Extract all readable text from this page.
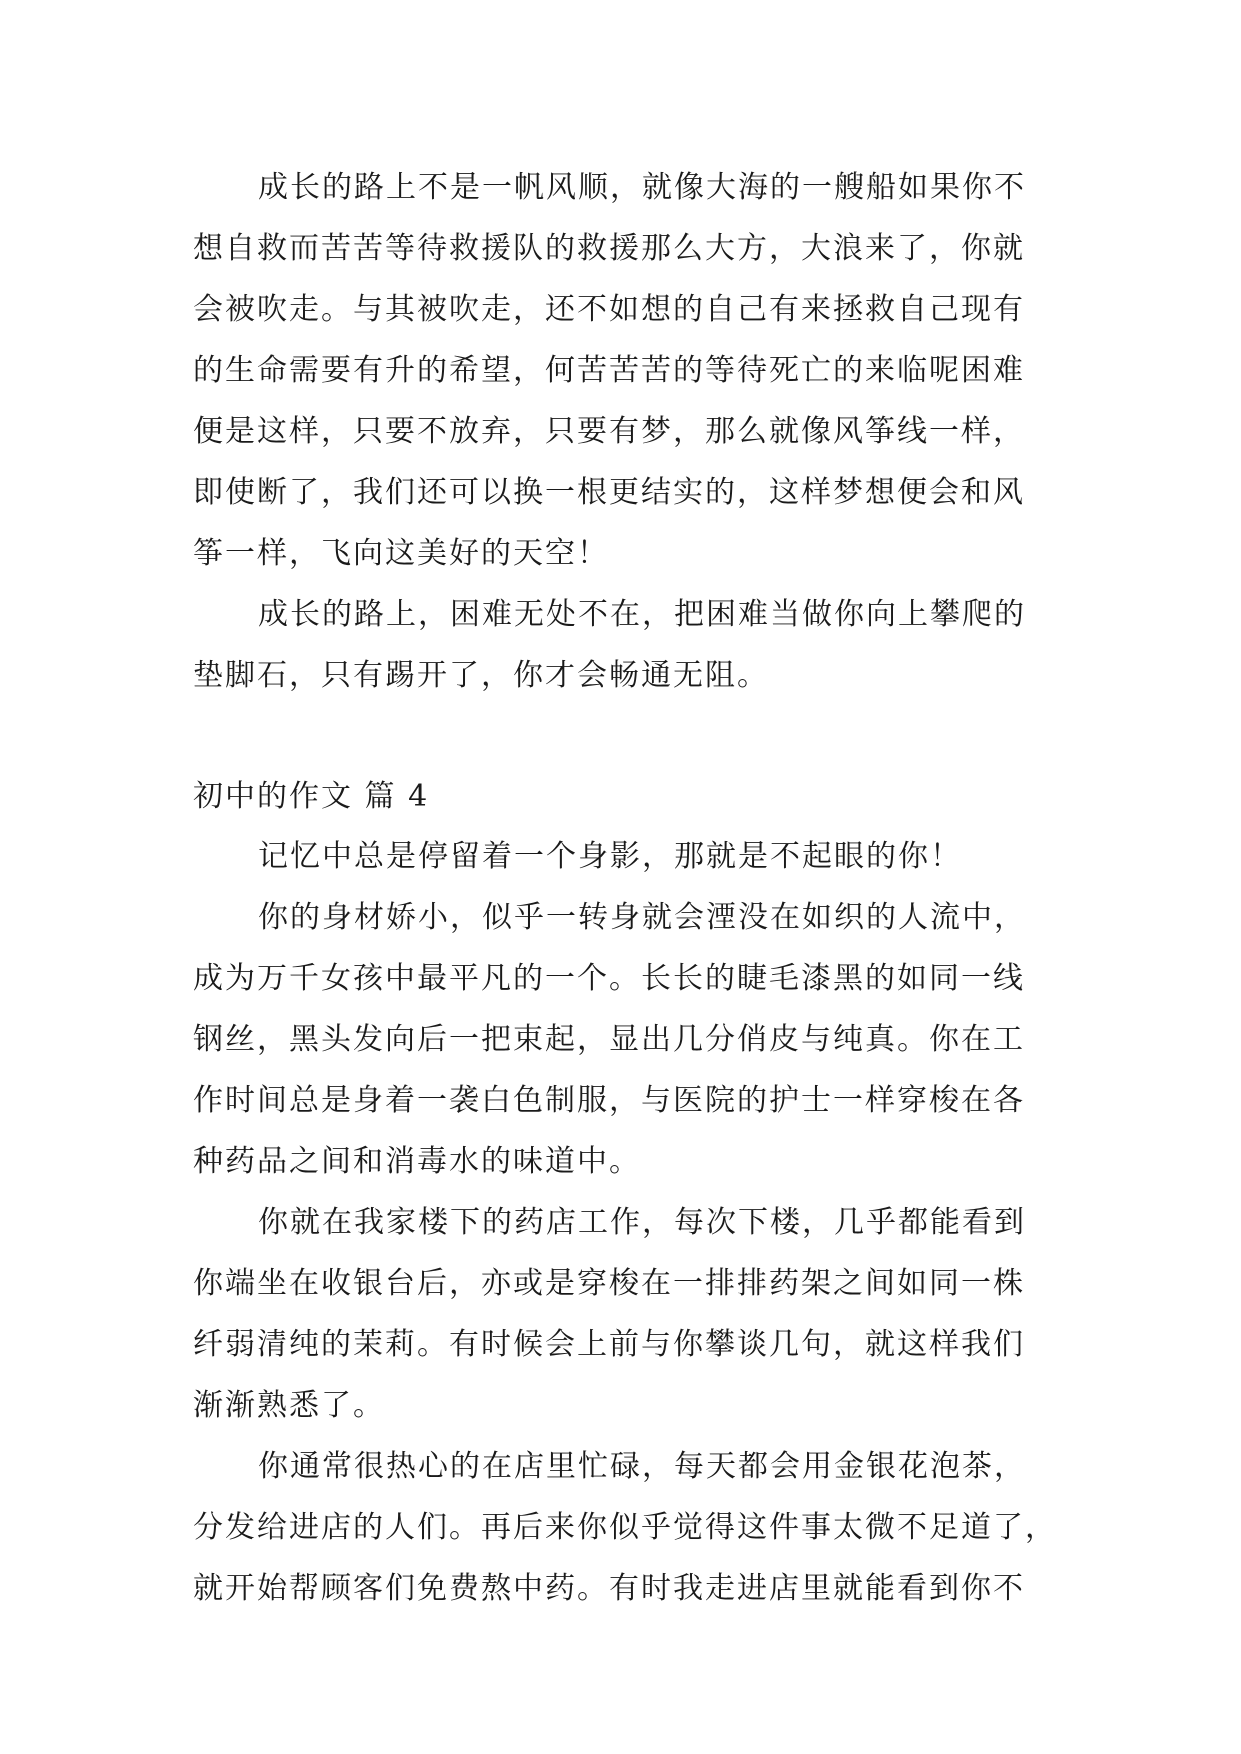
成长的路上不是一帆风顺，就像大海的一艘船如果你不
想自救而苦苦等待救援队的救援那么大方，大浪来了，你就
会被吹走。与其被吹走，还不如想的自己有来拯救自己现有
的生命需要有升的希望，何苦苦苦的等待死亡的来临呢困难
便是这样，只要不放弃，只要有梦，那么就像风筝线一样，
即使断了，我们还可以换一根更结实的，这样梦想便会和风
筝一样，飞向这美好的天空！
成长的路上，困难无处不在，把困难当做你向上攀爬的
垫脚石，只有踢开了，你才会畅通无阻。
初中的作文 篇 4
记忆中总是停留着一个身影，那就是不起眼的你！
你的身材娇小，似乎一转身就会湮没在如织的人流中，
成为万千女孩中最平凡的一个。长长的睫毛漆黑的如同一线
钢丝，黑头发向后一把束起，显出几分俏皮与纯真。你在工
作时间总是身着一袭白色制服，与医院的护士一样穿梭在各
种药品之间和消毒水的味道中。
你就在我家楼下的药店工作，每次下楼，几乎都能看到
你端坐在收银台后，亦或是穿梭在一排排药架之间如同一株
纤弱清纯的茉莉。有时候会上前与你攀谈几句，就这样我们
渐渐熟悉了。
你通常很热心的在店里忙碌，每天都会用金银花泡茶，
分发给进店的人们。再后来你似乎觉得这件事太微不足道了，
就开始帮顾客们免费熬中药。有时我走进店里就能看到你不
